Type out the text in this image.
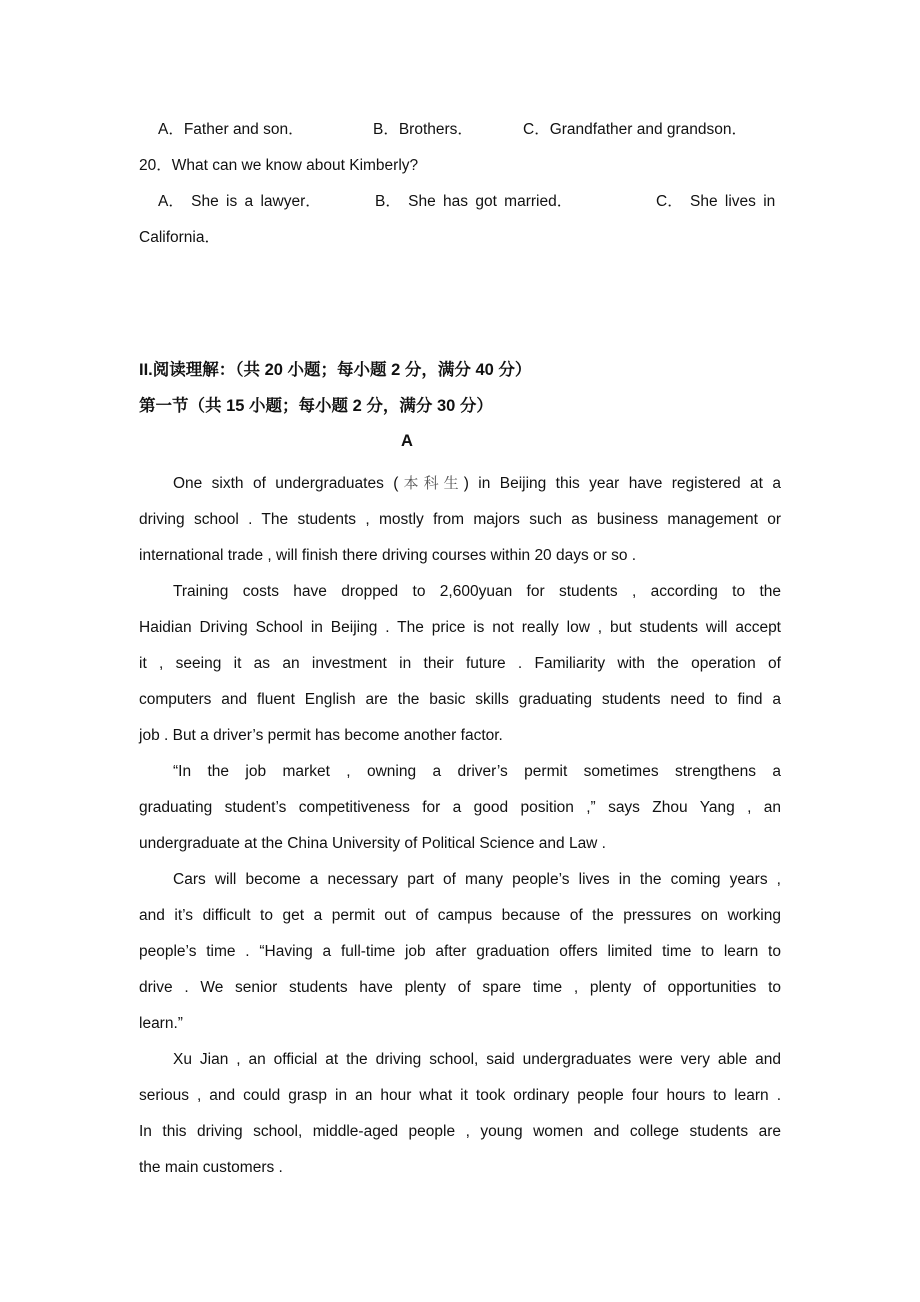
A．Father and son．	B．Brothers．	C．Grandfather and grandson．
20．What can we know about Kimberly?
A． She is a lawyer．	B． She has got married．	C． She lives in
California．
II.阅读理解：（共 20 小题；每小题 2 分，满分 40 分）
第一节（共 15 小题；每小题 2 分，满分 30 分）
A
One sixth of undergraduates (本科生) in Beijing this year have registered at a
driving school . The students , mostly from majors such as business management or
international trade , will finish there driving courses within 20 days or so .
Training costs have dropped to 2,600yuan for students , according to the
Haidian Driving School in Beijing . The price is not really low , but students will accept
it , seeing it as an investment in their future . Familiarity with the operation of
computers and fluent English are the basic skills graduating students need to find a
job . But a driver’s permit has become another factor.
“In the job market , owning a driver’s permit sometimes strengthens a
graduating student’s competitiveness for a good position ,” says Zhou Yang , an
undergraduate at the China University of Political Science and Law .
Cars will become a necessary part of many people’s lives in the coming years ,
and it’s difficult to get a permit out of campus because of the pressures on working
people’s time . “Having a full-time job after graduation offers limited time to learn to
drive . We senior students have plenty of spare time , plenty of opportunities to
learn.”
Xu Jian , an official at the driving school, said undergraduates were very able and
serious , and could grasp in an hour what it took ordinary people four hours to learn .
In this driving school, middle-aged people , young women and college students are
the main customers .
